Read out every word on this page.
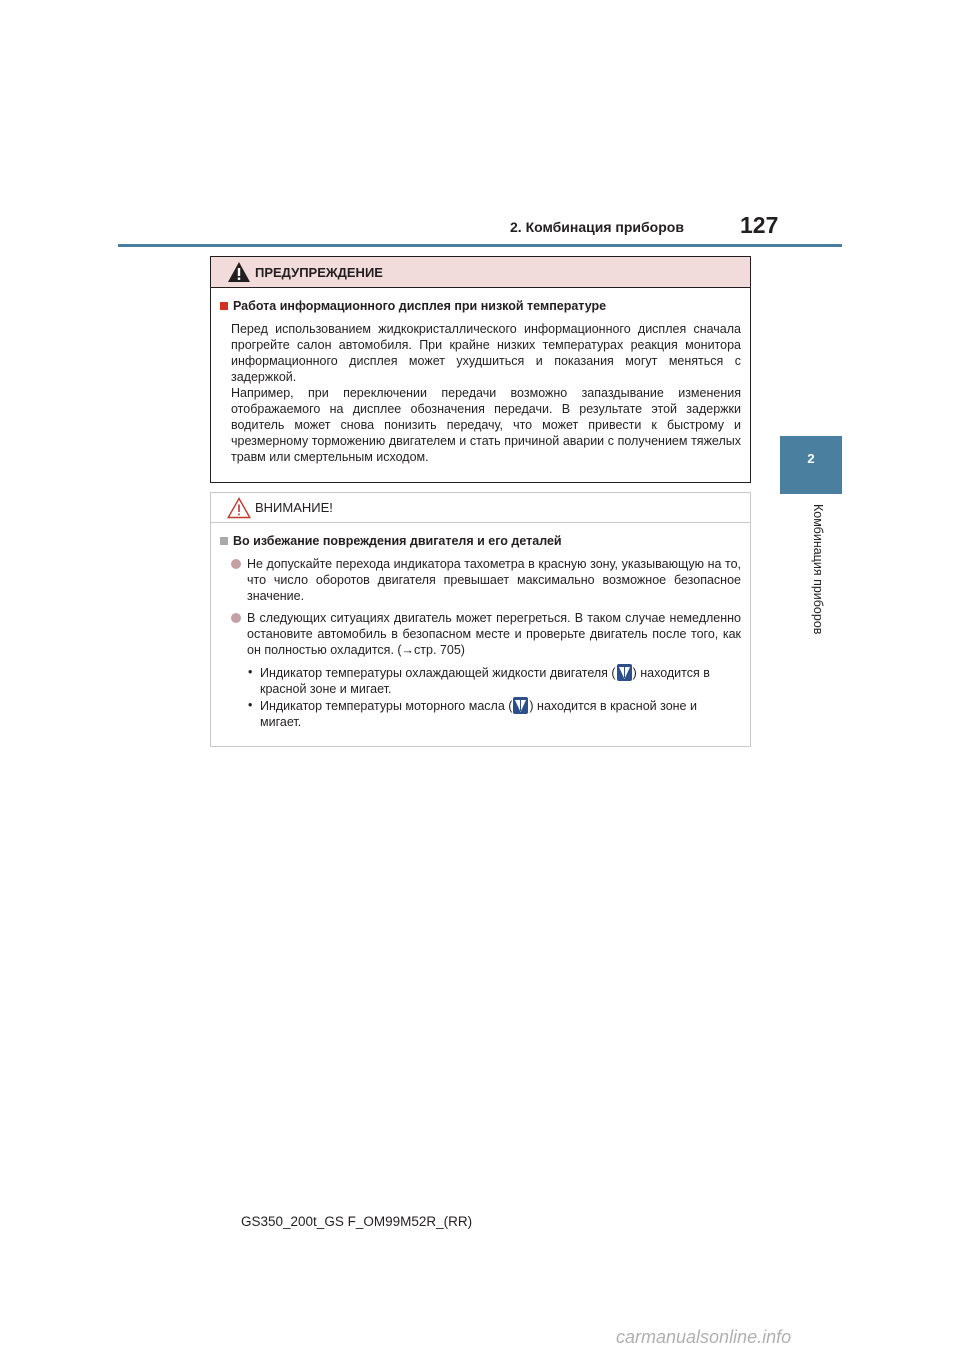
2. Комбинация приборов 127
2
Комбинация приборов
ПРЕДУПРЕЖДЕНИЕ
Работа информационного дисплея при низкой температуре

Перед использованием жидкокристаллического информационного дисплея сначала прогрейте салон автомобиля. При крайне низких температурах реакция монитора информационного дисплея может ухудшиться и показания могут меняться с задержкой.

Например, при переключении передачи возможно запаздывание изменения отображаемого на дисплее обозначения передачи. В результате этой задержки водитель может снова понизить передачу, что может привести к быстрому и чрезмерному торможению двигателем и стать причиной аварии с получением тяжелых травм или смертельным исходом.

ВНИМАНИЕ!
Во избежание повреждения двигателя и его деталей
Не допускайте перехода индикатора тахометра в красную зону, указывающую на то, что число оборотов двигателя превышает максимально возможное безопасное значение.
В следующих ситуациях двигатель может перегреться. В таком случае немедленно остановите автомобиль в безопасном месте и проверьте двигатель после того, как он полностью охладится. (→стр. 705)
• Индикатор температуры охлаждающей жидкости двигателя ( ) находится в красной зоне и мигает.
• Индикатор температуры моторного масла ( ) находится в красной зоне и мигает.
GS350_200t_GS F_OM99M52R_(RR)
carmanualsonline.info
